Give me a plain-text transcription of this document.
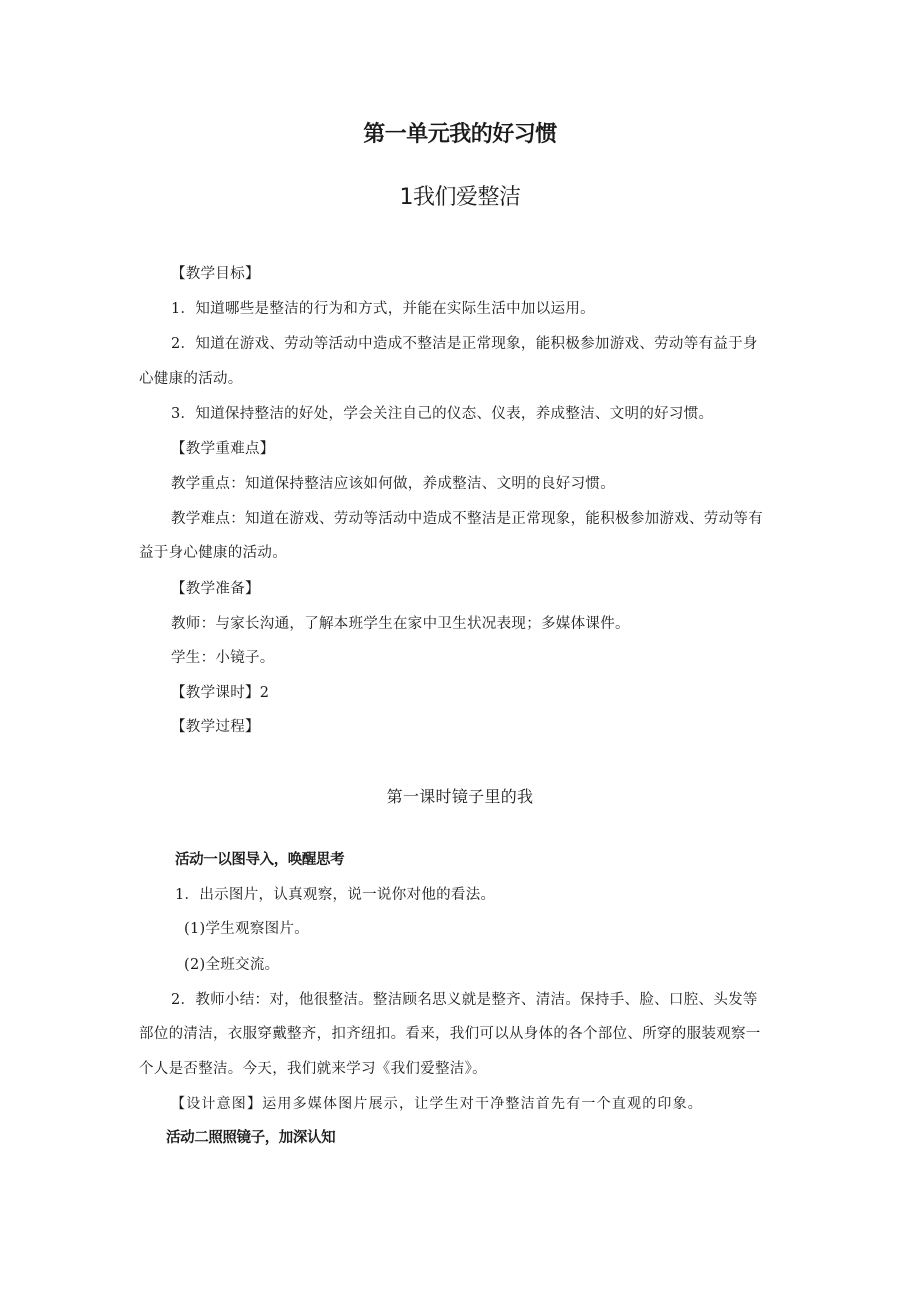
第一单元我的好习惯
1我们爱整洁

【教学目标】

1．知道哪些是整洁的行为和方式，并能在实际生活中加以运用。

2．知道在游戏、劳动等活动中造成不整洁是正常现象，能积极参加游戏、劳动等有益于身

心健康的活动。

3．知道保持整洁的好处，学会关注自己的仪态、仪表，养成整洁、文明的好习惯。

【教学重难点】

教学重点：知道保持整洁应该如何做，养成整洁、文明的良好习惯。

教学难点：知道在游戏、劳动等活动中造成不整洁是正常现象，能积极参加游戏、劳动等有

益于身心健康的活动。

【教学准备】

教师：与家长沟通，了解本班学生在家中卫生状况表现；多媒体课件。

学生：小镜子。

【教学课时】2

【教学过程】

第一课时镜子里的我

活动一以图导入，唤醒思考

1．出示图片，认真观察，说一说你对他的看法。

(1)学生观察图片。

(2)全班交流。

2．教师小结：对，他很整洁。整洁顾名思义就是整齐、清洁。保持手、脸、口腔、头发等

部位的清洁，衣服穿戴整齐，扣齐纽扣。看来，我们可以从身体的各个部位、所穿的服装观察一

个人是否整洁。今天，我们就来学习《我们爱整洁》。

【设计意图】运用多媒体图片展示，让学生对干净整洁首先有一个直观的印象。

活动二照照镜子，加深认知
